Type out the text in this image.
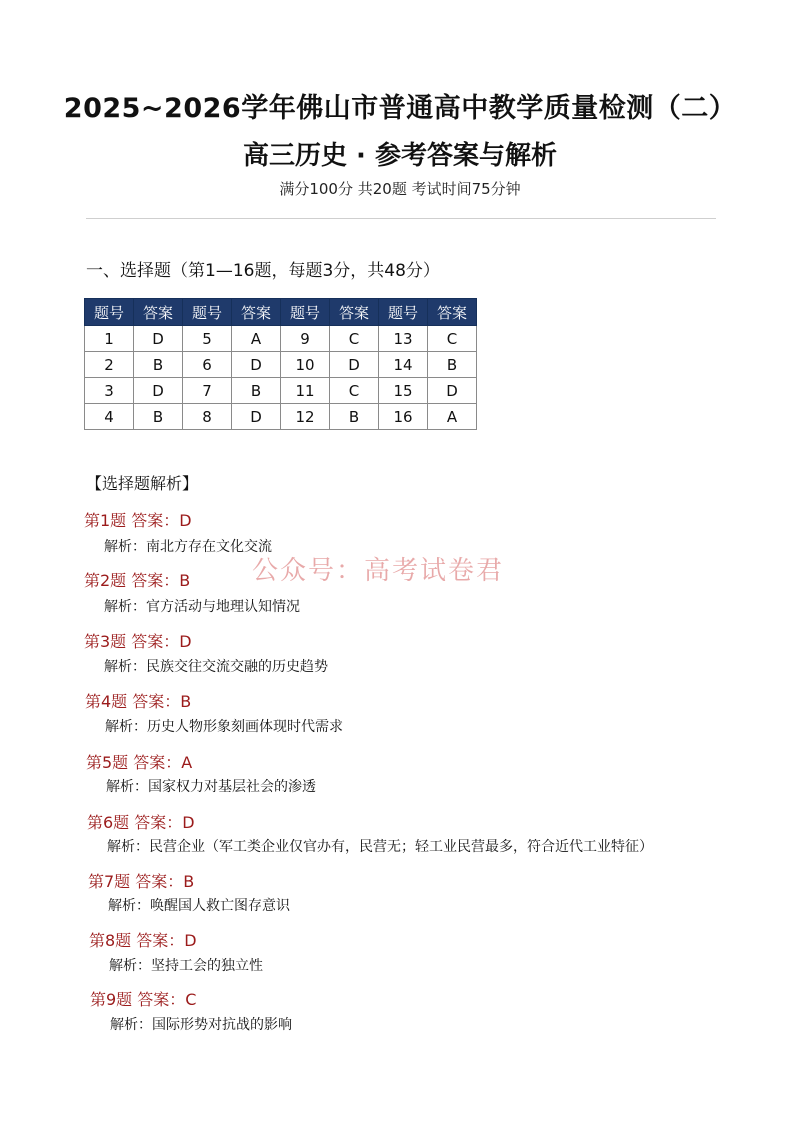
2025~2026学年佛山市普通高中教学质量检测（二）
高三历史 · 参考答案与解析
满分100分 共20题 考试时间75分钟
一、选择题（第1—16题，每题3分，共48分）
题号	答案	题号	答案	题号	答案	题号	答案
1	D	5	A	9	C	13	C
2	B	6	D	10	D	14	B
3	D	7	B	11	C	15	D
4	B	8	D	12	B	16	A
【选择题解析】
第1题 答案：D
解析：南北方存在文化交流
第2题 答案：B
解析：官方活动与地理认知情况
第3题 答案：D
解析：民族交往交流交融的历史趋势
第4题 答案：B
解析：历史人物形象刻画体现时代需求
第5题 答案：A
解析：国家权力对基层社会的渗透
第6题 答案：D
解析：民营企业（军工类企业仅官办有，民营无；轻工业民营最多，符合近代工业特征）
第7题 答案：B
解析：唤醒国人救亡图存意识
第8题 答案：D
解析：坚持工会的独立性
第9题 答案：C
解析：国际形势对抗战的影响
公众号：高考试卷君
